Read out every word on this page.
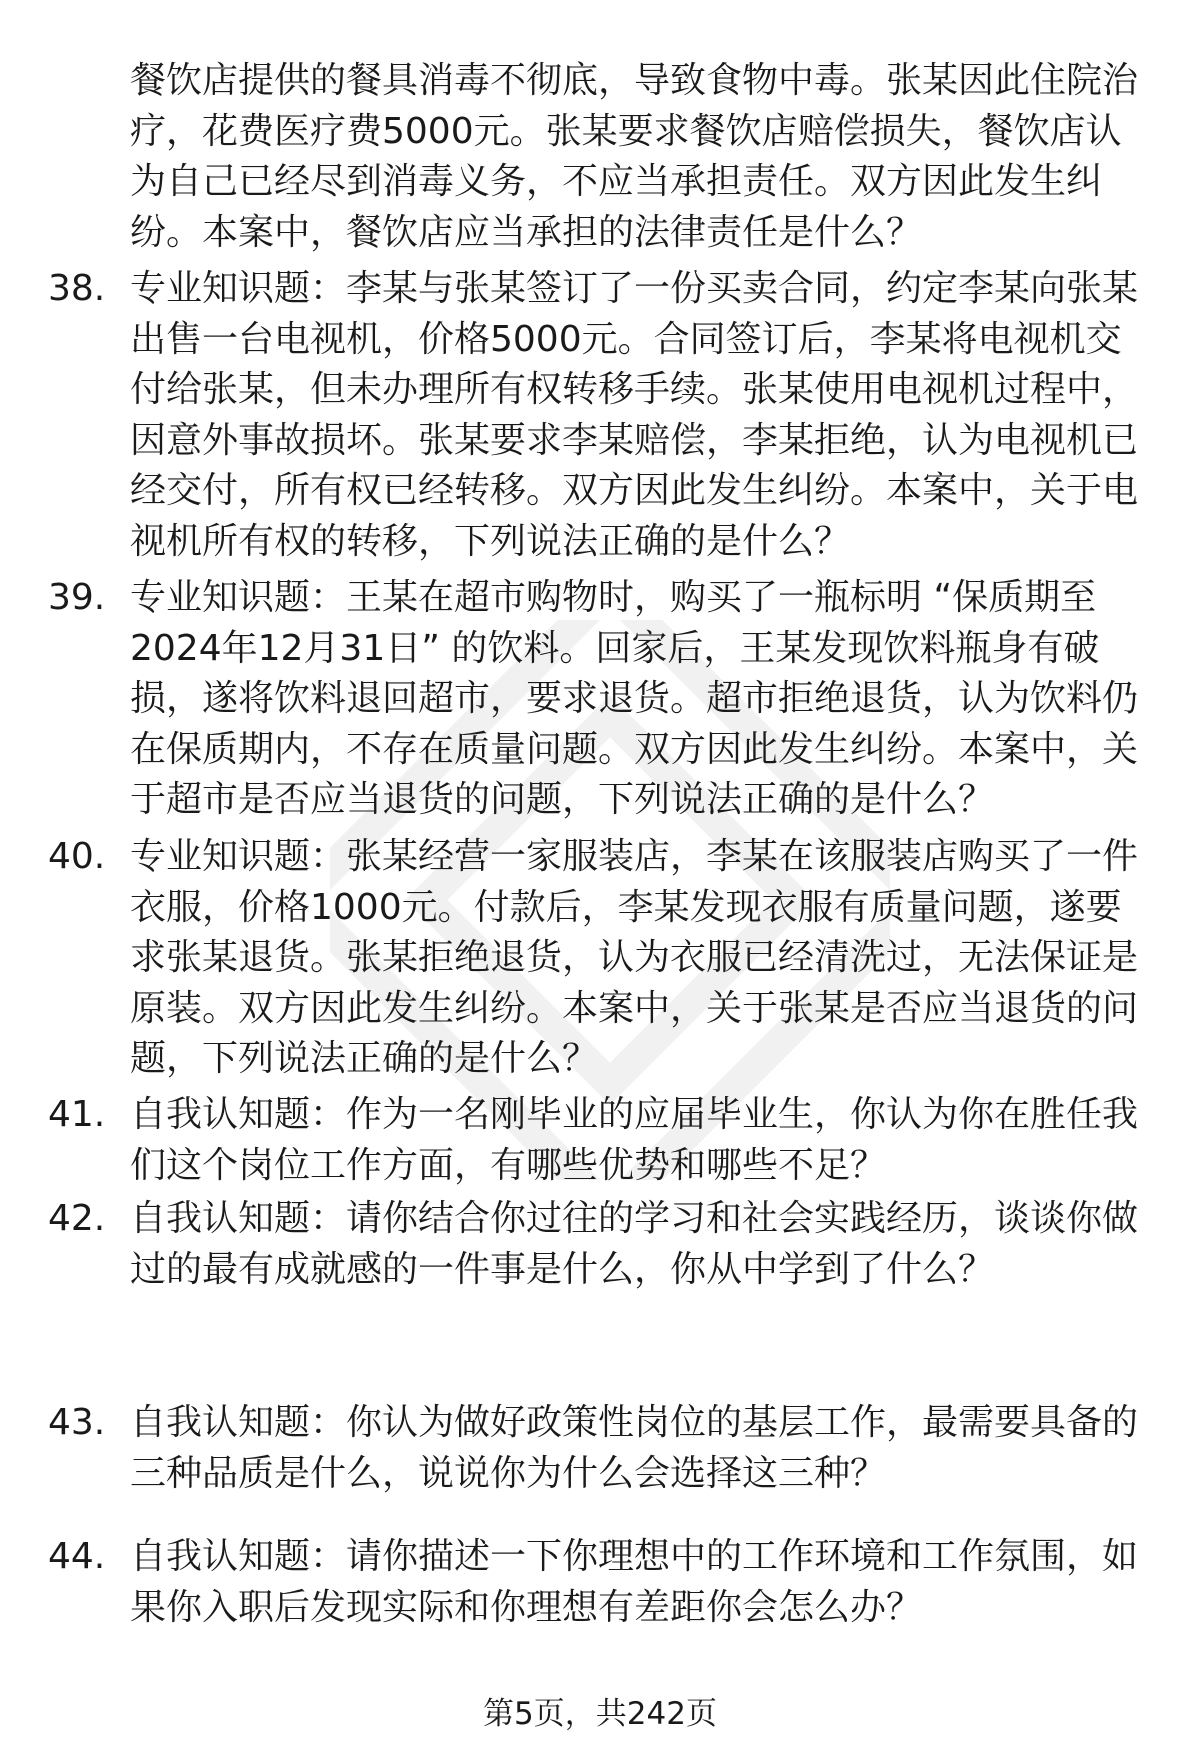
餐饮店提供的餐具消毒不彻底，导致食物中毒。张某因此住院治疗，花费医疗费5000元。张某要求餐饮店赔偿损失，餐饮店认为自己已经尽到消毒义务，不应当承担责任。双方因此发生纠纷。本案中，餐饮店应当承担的法律责任是什么？

38. 专业知识题：李某与张某签订了一份买卖合同，约定李某向张某出售一台电视机，价格5000元。合同签订后，李某将电视机交付给张某，但未办理所有权转移手续。张某使用电视机过程中，因意外事故损坏。张某要求李某赔偿，李某拒绝，认为电视机已经交付，所有权已经转移。双方因此发生纠纷。本案中，关于电视机所有权的转移，下列说法正确的是什么？

39. 专业知识题：王某在超市购物时，购买了一瓶标明 “保质期至2024年12月31日” 的饮料。回家后，王某发现饮料瓶身有破损，遂将饮料退回超市，要求退货。超市拒绝退货，认为饮料仍在保质期内，不存在质量问题。双方因此发生纠纷。本案中，关于超市是否应当退货的问题，下列说法正确的是什么？

40. 专业知识题：张某经营一家服装店，李某在该服装店购买了一件衣服，价格1000元。付款后，李某发现衣服有质量问题，遂要求张某退货。张某拒绝退货，认为衣服已经清洗过，无法保证是原装。双方因此发生纠纷。本案中，关于张某是否应当退货的问题，下列说法正确的是什么？

41. 自我认知题：作为一名刚毕业的应届毕业生，你认为你在胜任我们这个岗位工作方面，有哪些优势和哪些不足？

42. 自我认知题：请你结合你过往的学习和社会实践经历，谈谈你做过的最有成就感的一件事是什么，你从中学到了什么？

43. 自我认知题：你认为做好政策性岗位的基层工作，最需要具备的三种品质是什么，说说你为什么会选择这三种？

44. 自我认知题：请你描述一下你理想中的工作环境和工作氛围，如果你入职后发现实际和你理想有差距你会怎么办？

第5页，共242页
